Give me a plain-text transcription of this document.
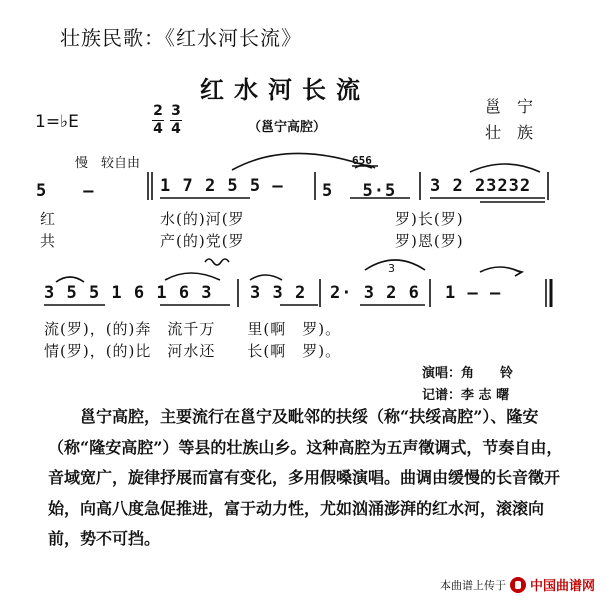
壮族民歌：《红水河长流》
红水河长流
1=♭E
2
4
3
4	（邕宁高腔）
邕　宁
壮　族
慢　较自由
5　　—	1 7 2 5 5 — 5 　5·5 3 2 23232
656
红	水(的)河(罗	罗)长(罗)
共	产(的)党(罗	罗)恩(罗)
3 5 5 1 6 1 6 3 3 3 2 2· 3 2 6 1 — —
3
流(罗)，(的)奔　流千万　　里(啊　罗)。
情(罗)，(的)比　河水还　　长(啊　罗)。
演唱：角　　铃
记谱：李 志 曙

邕宁高腔，主要流行在邕宁及毗邻的扶绥（称“扶绥高腔”）、隆安（称“隆安高腔”）等县的壮族山乡。这种高腔为五声徵调式，节奏自由，音域宽广，旋律抒展而富有变化，多用假嗓演唱。曲调由缓慢的长音徵开始，向高八度急促推进，富于动力性，尤如汹涌澎湃的红水河，滚滚向前，势不可挡。

本曲谱上传于 中国曲谱网
